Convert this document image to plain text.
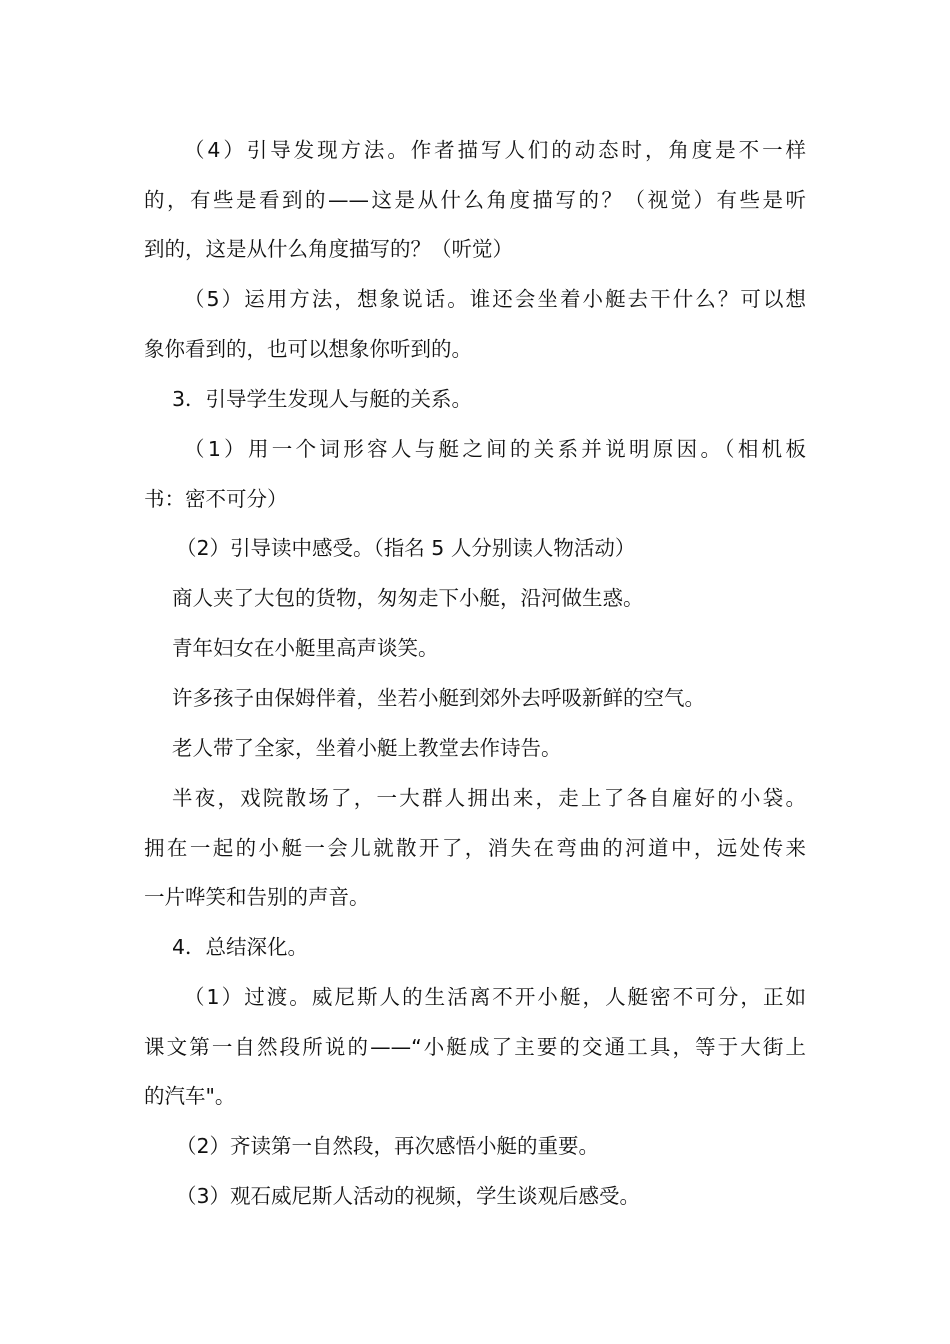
（4）引导发现方法。作者描写人们的动态时，角度是不一样
的，有些是看到的——这是从什么角度描写的？（视觉）有些是听
到的，这是从什么角度描写的？（听觉）
（5）运用方法，想象说话。谁还会坐着小艇去干什么？可以想
象你看到的，也可以想象你听到的。
3．引导学生发现人与艇的关系。
（1）用一个词形容人与艇之间的关系并说明原因。（相机板
书：密不可分）
（2）引导读中感受。（指名 5 人分别读人物活动）
商人夹了大包的货物，匆匆走下小艇，沿河做生惑。
青年妇女在小艇里高声谈笑。
许多孩子由保姆伴着，坐若小艇到郊外去呼吸新鲜的空气。
老人带了全家，坐着小艇上教堂去作诗告。
半夜，戏院散场了，一大群人拥出来，走上了各自雇好的小袋。
拥在一起的小艇一会儿就散开了，消失在弯曲的河道中，远处传来
一片哗笑和告别的声音。
4．总结深化。
（1）过渡。威尼斯人的生活离不开小艇，人艇密不可分，正如
课文第一自然段所说的——“小艇成了主要的交通工具，等于大街上
的汽车"。
（2）齐读第一自然段，再次感悟小艇的重要。
（3）观石威尼斯人活动的视频，学生谈观后感受。
